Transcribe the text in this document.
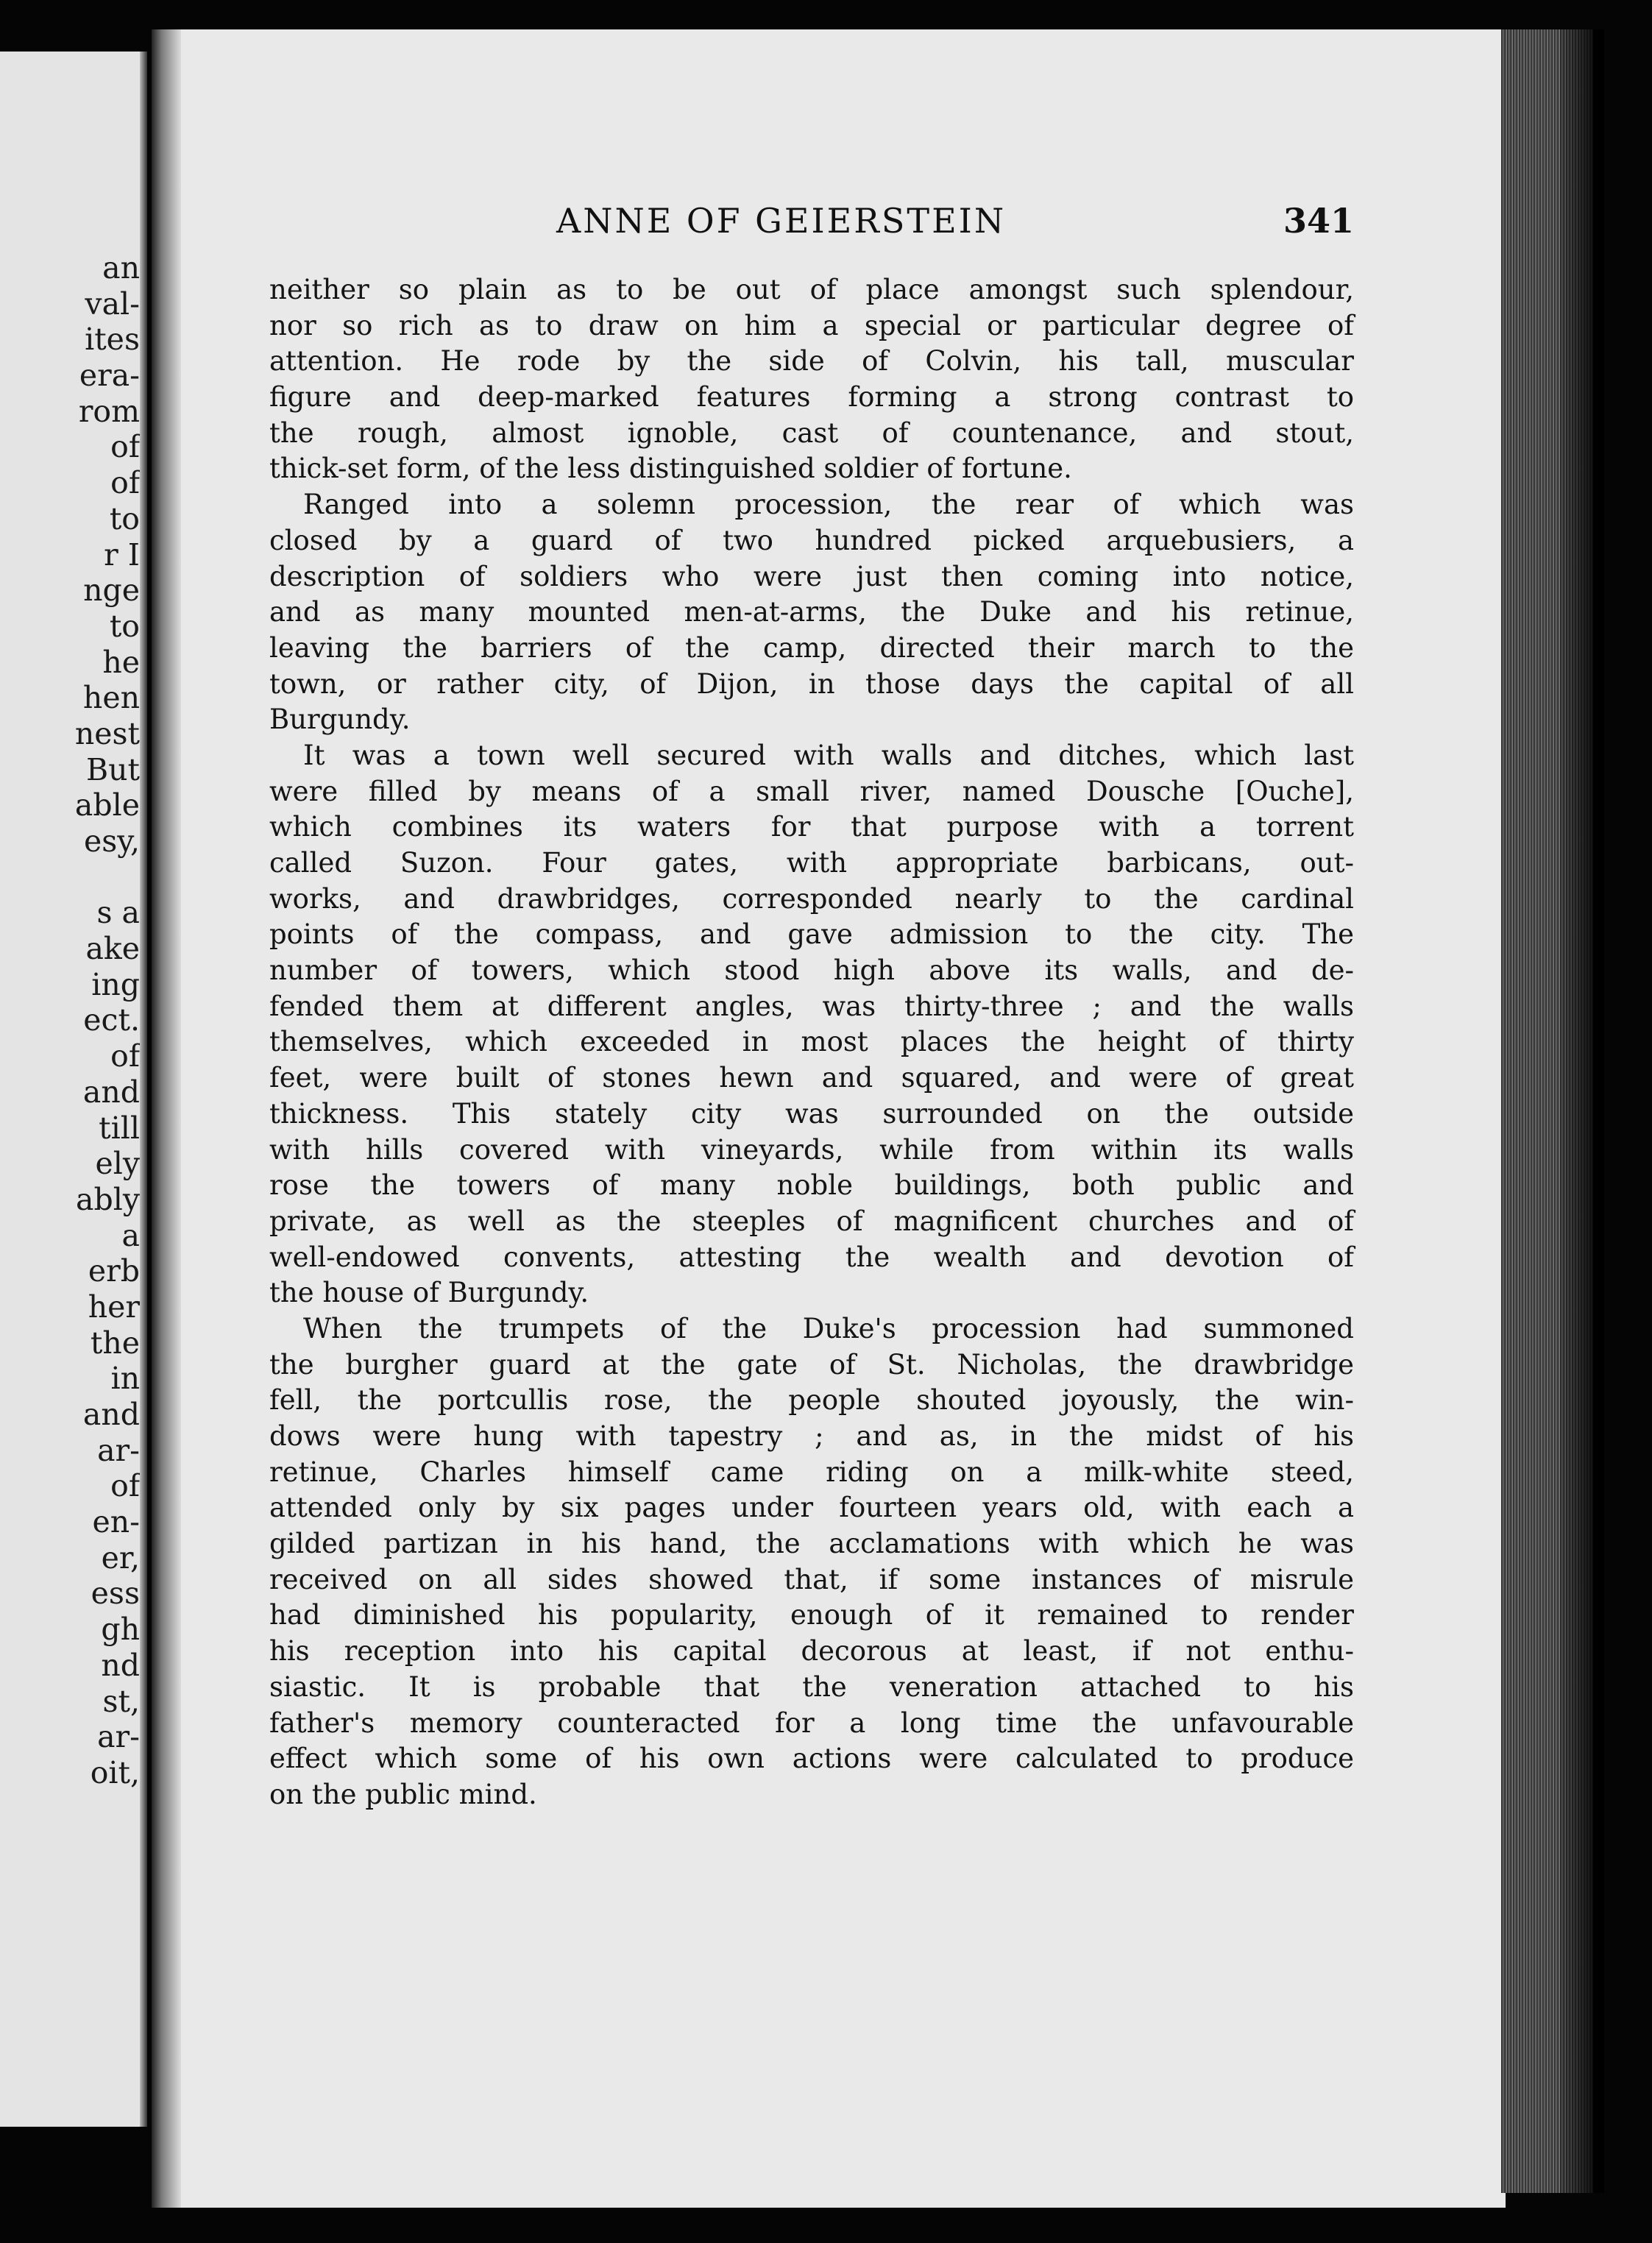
an
val-
ites
era-
rom
of
of
to
r I
nge
to
he
hen
nest
But
able
esy,
s a
ake
ing
ect.
of
and
till
ely
ably
a
erb
her
the
in
and
ar-
of
en-
er,
ess
gh
nd
st,
ar-
oit,
ANNE OF GEIERSTEIN	341
neither so plain as to be out of place amongst such splendour,
nor so rich as to draw on him a special or particular degree of
attention. He rode by the side of Colvin, his tall, muscular
figure and deep-marked features forming a strong contrast to
the rough, almost ignoble, cast of countenance, and stout,
thick-set form, of the less distinguished soldier of fortune.
Ranged into a solemn procession, the rear of which was
closed by a guard of two hundred picked arquebusiers, a
description of soldiers who were just then coming into notice,
and as many mounted men-at-arms, the Duke and his retinue,
leaving the barriers of the camp, directed their march to the
town, or rather city, of Dijon, in those days the capital of all
Burgundy.
It was a town well secured with walls and ditches, which last
were filled by means of a small river, named Dousche [Ouche],
which combines its waters for that purpose with a torrent
called Suzon. Four gates, with appropriate barbicans, out-
works, and drawbridges, corresponded nearly to the cardinal
points of the compass, and gave admission to the city. The
number of towers, which stood high above its walls, and de-
fended them at different angles, was thirty-three ; and the walls
themselves, which exceeded in most places the height of thirty
feet, were built of stones hewn and squared, and were of great
thickness. This stately city was surrounded on the outside
with hills covered with vineyards, while from within its walls
rose the towers of many noble buildings, both public and
private, as well as the steeples of magnificent churches and of
well-endowed convents, attesting the wealth and devotion of
the house of Burgundy.
When the trumpets of the Duke's procession had summoned
the burgher guard at the gate of St. Nicholas, the drawbridge
fell, the portcullis rose, the people shouted joyously, the win-
dows were hung with tapestry ; and as, in the midst of his
retinue, Charles himself came riding on a milk-white steed,
attended only by six pages under fourteen years old, with each a
gilded partizan in his hand, the acclamations with which he was
received on all sides showed that, if some instances of misrule
had diminished his popularity, enough of it remained to render
his reception into his capital decorous at least, if not enthu-
siastic. It is probable that the veneration attached to his
father's memory counteracted for a long time the unfavourable
effect which some of his own actions were calculated to produce
on the public mind.
